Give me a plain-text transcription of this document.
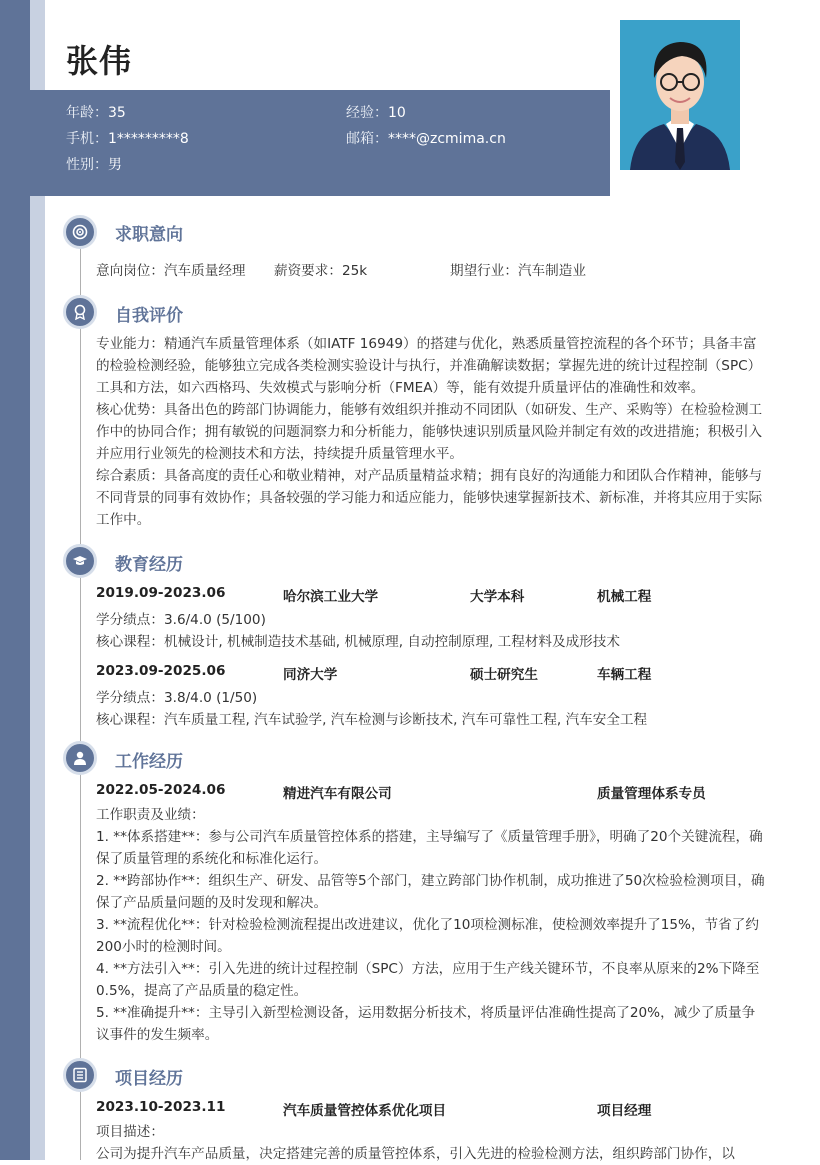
张伟
年龄：35	经验：10
手机：1*********8	邮箱：****@zcmima.cn
性别：男
求职意向
意向岗位：汽车质量经理 薪资要求：25k	期望行业：汽车制造业
自我评价

专业能力：精通汽车质量管理体系（如IATF 16949）的搭建与优化，熟悉质量管控流程的各个环节；具备丰富的检验检测经验，能够独立完成各类检测实验设计与执行，并准确解读数据；掌握先进的统计过程控制（SPC）工具和方法，如六西格玛、失效模式与影响分析（FMEA）等，能有效提升质量评估的准确性和效率。

核心优势：具备出色的跨部门协调能力，能够有效组织并推动不同团队（如研发、生产、采购等）在检验检测工作中的协同合作；拥有敏锐的问题洞察力和分析能力，能够快速识别质量风险并制定有效的改进措施；积极引入并应用行业领先的检测技术和方法，持续提升质量管理水平。

综合素质：具备高度的责任心和敬业精神，对产品质量精益求精；拥有良好的沟通能力和团队合作精神，能够与不同背景的同事有效协作；具备较强的学习能力和适应能力，能够快速掌握新技术、新标准，并将其应用于实际工作中。

教育经历
2019.09-2023.06	哈尔滨工业大学	大学本科	机械工程
学分绩点：3.6/4.0 (5/100)
核心课程：机械设计, 机械制造技术基础, 机械原理, 自动控制原理, 工程材料及成形技术
2023.09-2025.06	同济大学	硕士研究生	车辆工程
学分绩点：3.8/4.0 (1/50)
核心课程：汽车质量工程, 汽车试验学, 汽车检测与诊断技术, 汽车可靠性工程, 汽车安全工程
工作经历
2022.05-2024.06	精进汽车有限公司	质量管理体系专员

工作职责及业绩：

1. **体系搭建**：参与公司汽车质量管控体系的搭建，主导编写了《质量管理手册》，明确了20个关键流程，确保了质量管理的系统化和标准化运行。

2. **跨部协作**：组织生产、研发、品管等5个部门，建立跨部门协作机制，成功推进了50次检验检测项目，确保了产品质量问题的及时发现和解决。

3. **流程优化**：针对检验检测流程提出改进建议，优化了10项检测标准，使检测效率提升了15%，节省了约200小时的检测时间。

4. **方法引入**：引入先进的统计过程控制（SPC）方法，应用于生产线关键环节，不良率从原来的2%下降至0.5%，提高了产品质量的稳定性。

5. **准确提升**：主导引入新型检测设备，运用数据分析技术，将质量评估准确性提高了20%，减少了质量争议事件的发生频率。

项目经历
2023.10-2023.11	汽车质量管控体系优化项目	项目经理

项目描述：

公司为提升汽车产品质量，决定搭建完善的质量管控体系，引入先进的检验检测方法，组织跨部门协作，以
